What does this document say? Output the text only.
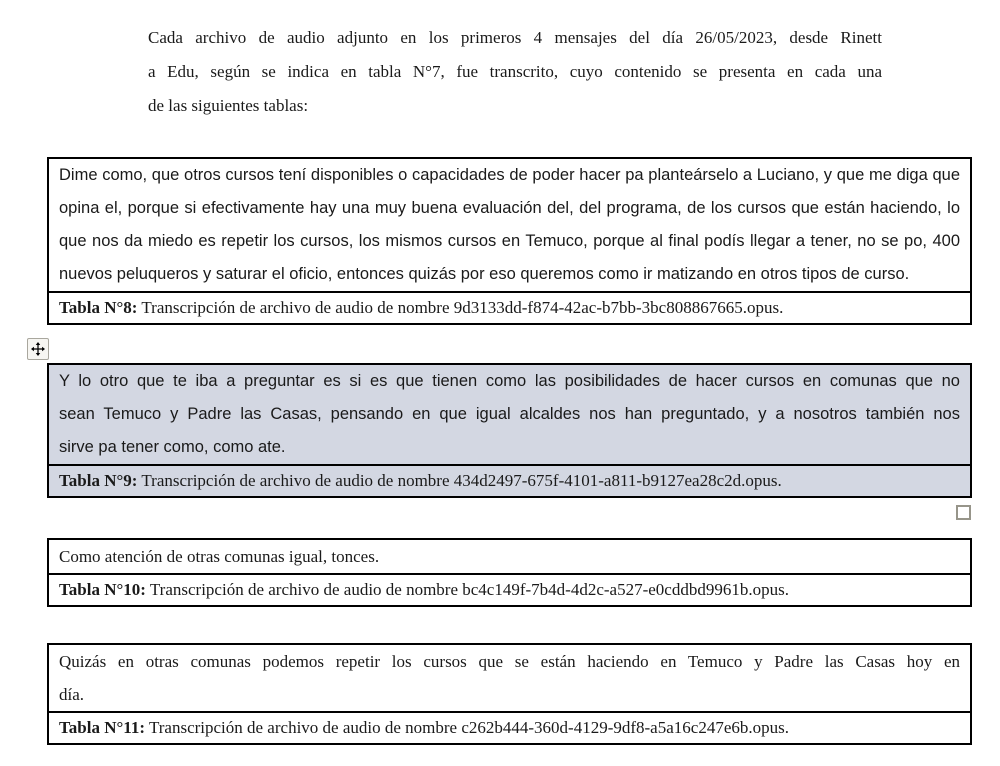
Cada archivo de audio adjunto en los primeros 4 mensajes del día 26/05/2023, desde Rinett
a Edu, según se indica en tabla N°7, fue transcrito, cuyo contenido se presenta en cada una
de las siguientes tablas:
Dime como, que otros cursos tení disponibles o capacidades de poder hacer pa planteárselo a Luciano, y que me diga que
opina el, porque si efectivamente hay una muy buena evaluación del, del programa, de los cursos que están haciendo, lo
que nos da miedo es repetir los cursos, los mismos cursos en Temuco, porque al final podís llegar a tener, no se po, 400
nuevos peluqueros y saturar el oficio, entonces quizás por eso queremos como ir matizando en otros tipos de curso.
Tabla N°8: Transcripción de archivo de audio de nombre 9d3133dd-f874-42ac-b7bb-3bc808867665.opus.
Y lo otro que te iba a preguntar es si es que tienen como las posibilidades de hacer cursos en comunas que no
sean Temuco y Padre las Casas, pensando en que igual alcaldes nos han preguntado, y a nosotros también nos
sirve pa tener como, como ate.
Tabla N°9: Transcripción de archivo de audio de nombre 434d2497-675f-4101-a811-b9127ea28c2d.opus.
Como atención de otras comunas igual, tonces.
Tabla N°10: Transcripción de archivo de audio de nombre bc4c149f-7b4d-4d2c-a527-e0cddbd9961b.opus.
Quizás en otras comunas podemos repetir los cursos que se están haciendo en Temuco y Padre las Casas hoy en
día.
Tabla N°11: Transcripción de archivo de audio de nombre c262b444-360d-4129-9df8-a5a16c247e6b.opus.
